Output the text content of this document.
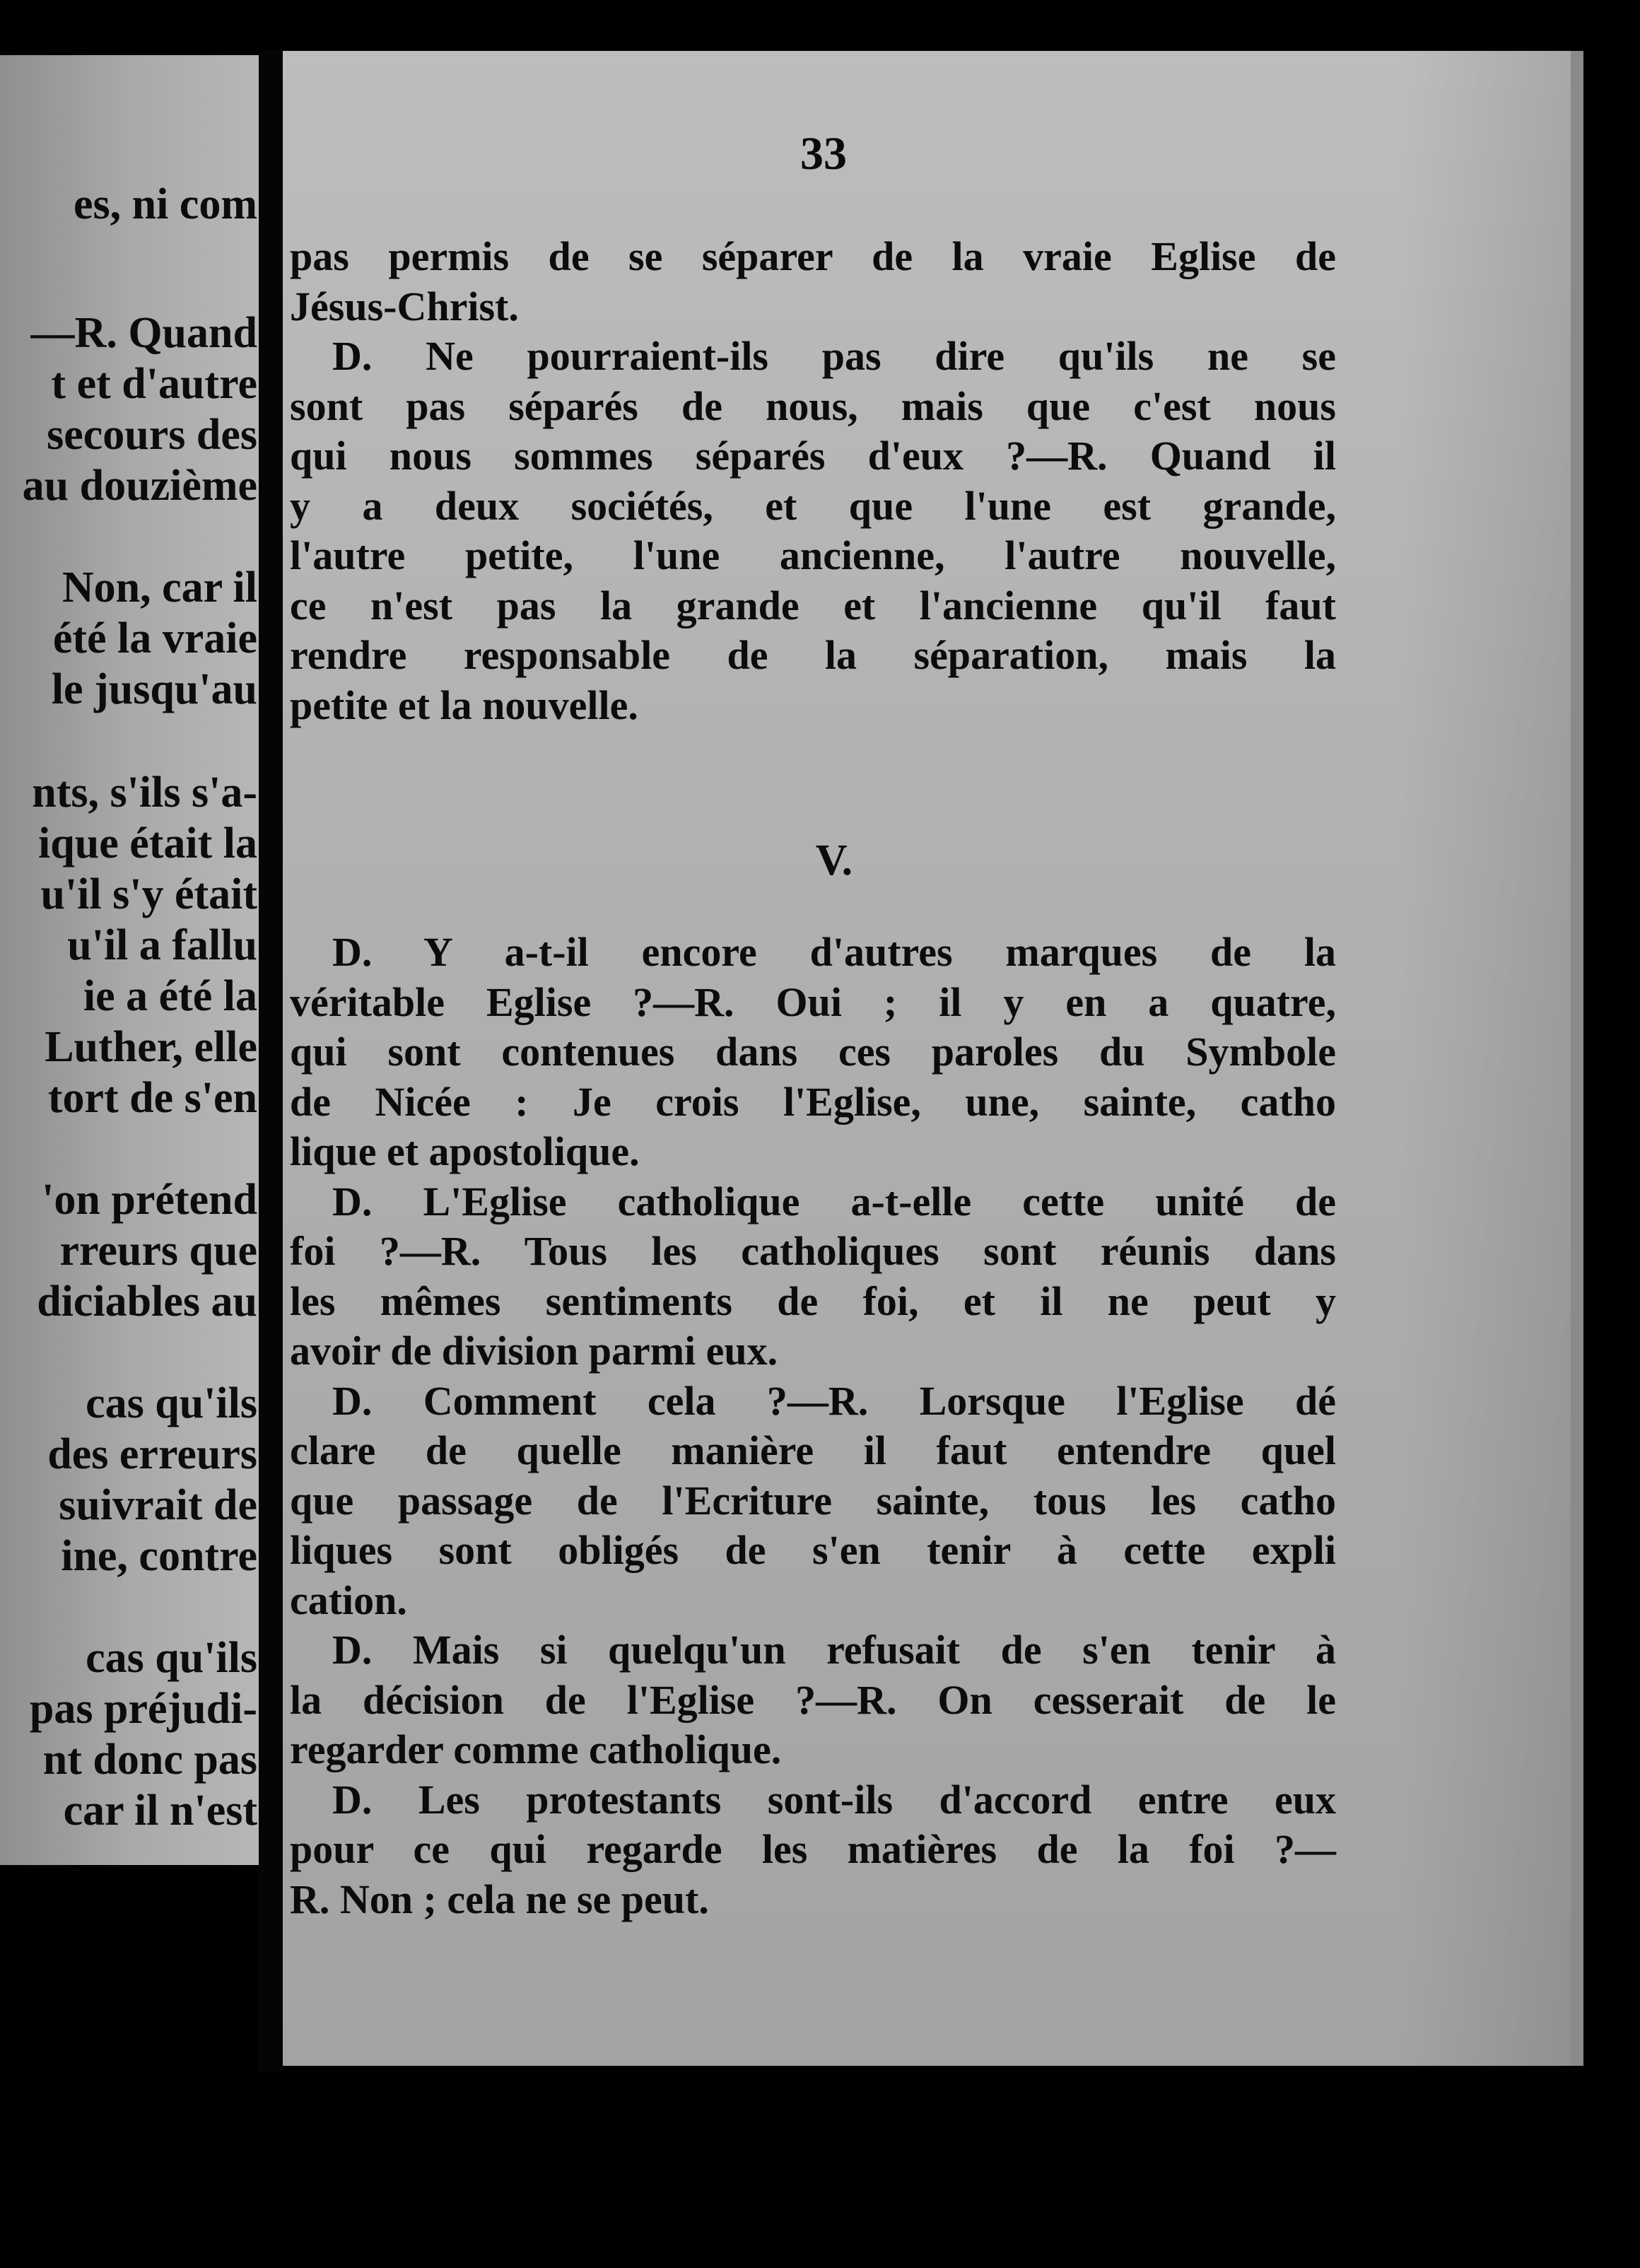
es, ni com
—R. Quand
t et d'autre
secours des
au douzième
Non, car il
été la vraie
le jusqu'au
nts, s'ils s'a-
ique était la
u'il s'y était
u'il a fallu
ie a été la
Luther, elle
tort de s'en
'on prétend
rreurs que
diciables au
cas qu'ils
des erreurs
suivrait de
ine, contre
cas qu'ils
pas préjudi-
nt donc pas
car il n'est
33
pas permis de se séparer de la vraie Eglise de
Jésus-Christ.
D. Ne pourraient-ils pas dire qu'ils ne se
sont pas séparés de nous, mais que c'est nous
qui nous sommes séparés d'eux ?—R. Quand il
y a deux sociétés, et que l'une est grande,
l'autre petite, l'une ancienne, l'autre nouvelle,
ce n'est pas la grande et l'ancienne qu'il faut
rendre responsable de la séparation, mais la
petite et la nouvelle.
V.
D. Y a-t-il encore d'autres marques de la
véritable Eglise ?—R. Oui ; il y en a quatre,
qui sont contenues dans ces paroles du Symbole
de Nicée : Je crois l'Eglise, une, sainte, catho
lique et apostolique.
D. L'Eglise catholique a-t-elle cette unité de
foi ?—R. Tous les catholiques sont réunis dans
les mêmes sentiments de foi, et il ne peut y
avoir de division parmi eux.
D. Comment cela ?—R. Lorsque l'Eglise dé
clare de quelle manière il faut entendre quel
que passage de l'Ecriture sainte, tous les catho
liques sont obligés de s'en tenir à cette expli
cation.
D. Mais si quelqu'un refusait de s'en tenir à
la décision de l'Eglise ?—R. On cesserait de le
regarder comme catholique.
D. Les protestants sont-ils d'accord entre eux
pour ce qui regarde les matières de la foi ?—
R. Non ; cela ne se peut.
